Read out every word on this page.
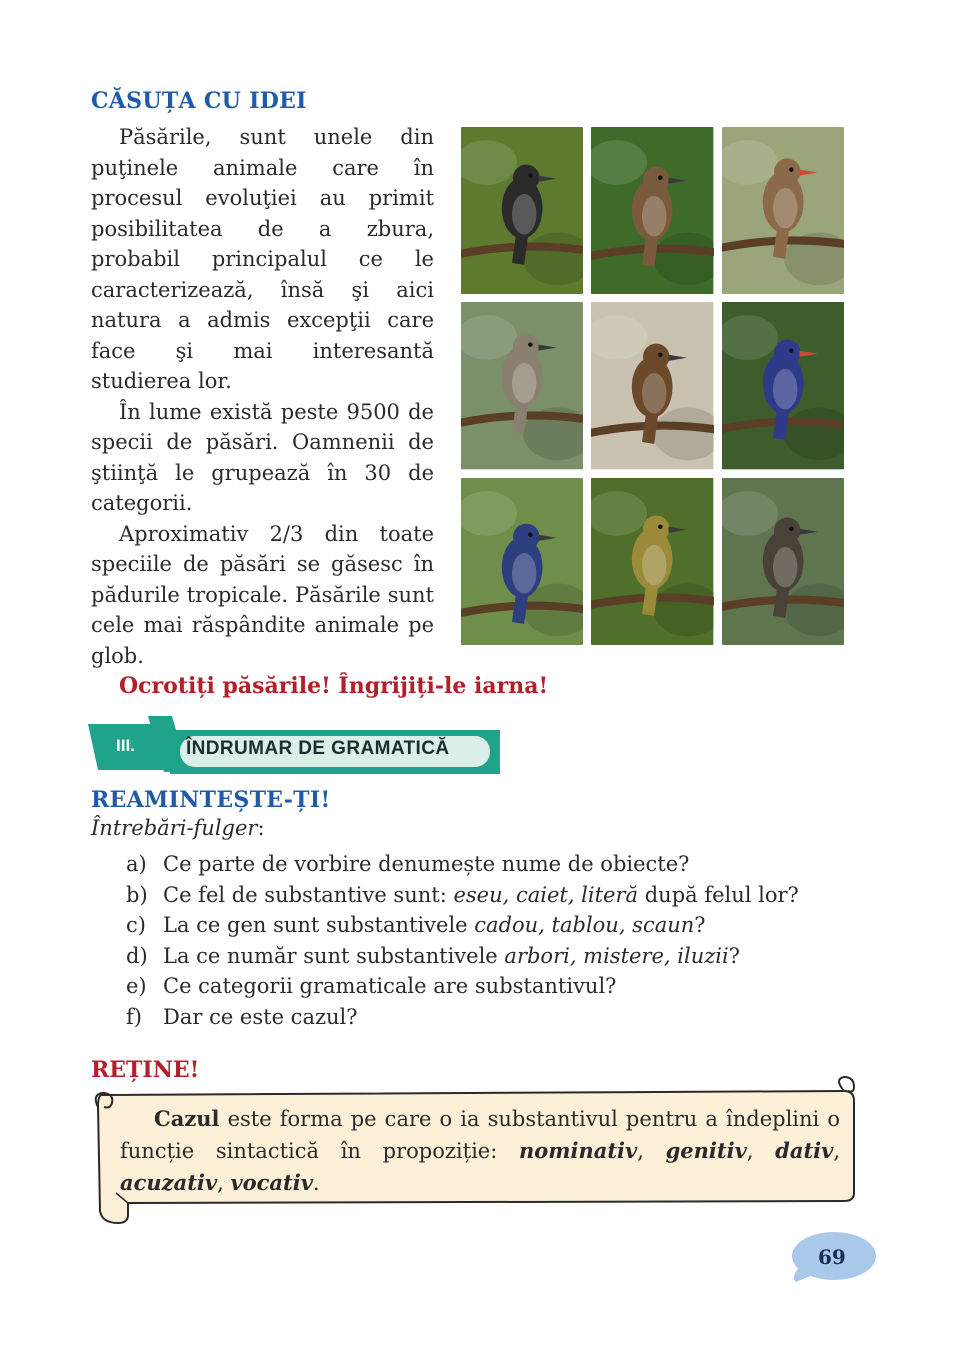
CĂSUȚA CU IDEI

Păsările, sunt unele din puţinele animale care în procesul evoluţiei au primit posibilitatea de a zbura, probabil principalul ce le caracterizează, însă şi aici natura a admis excepţii care face şi mai interesantă studierea lor.

În lume există peste 9500 de specii de păsări. Oamnenii de ştiinţă le grupează în 30 de categorii.

Aproximativ 2/3 din toate speciile de păsări se găsesc în pădurile tropicale. Păsările sunt cele mai răspândite animale pe glob.

Ocrotiți păsările! Îngrijiți-le iarna!
III.	ÎNDRUMAR DE GRAMATICĂ
REAMINTEȘTE-ȚI!
Întrebări-fulger:
a) Ce parte de vorbire denumește nume de obiecte?
b) Ce fel de substantive sunt: eseu, caiet, literă după felul lor?
c) La ce gen sunt substantivele cadou, tablou, scaun?
d) La ce număr sunt substantivele arbori, mistere, iluzii?
e) Ce categorii gramaticale are substantivul?
f)	Dar ce este cazul?
REȚINE!

Cazul este forma pe care o ia substantivul pentru a îndeplini o funcție sintactică în propoziție: nominativ, genitiv, dativ, acuzativ, vocativ.

69
